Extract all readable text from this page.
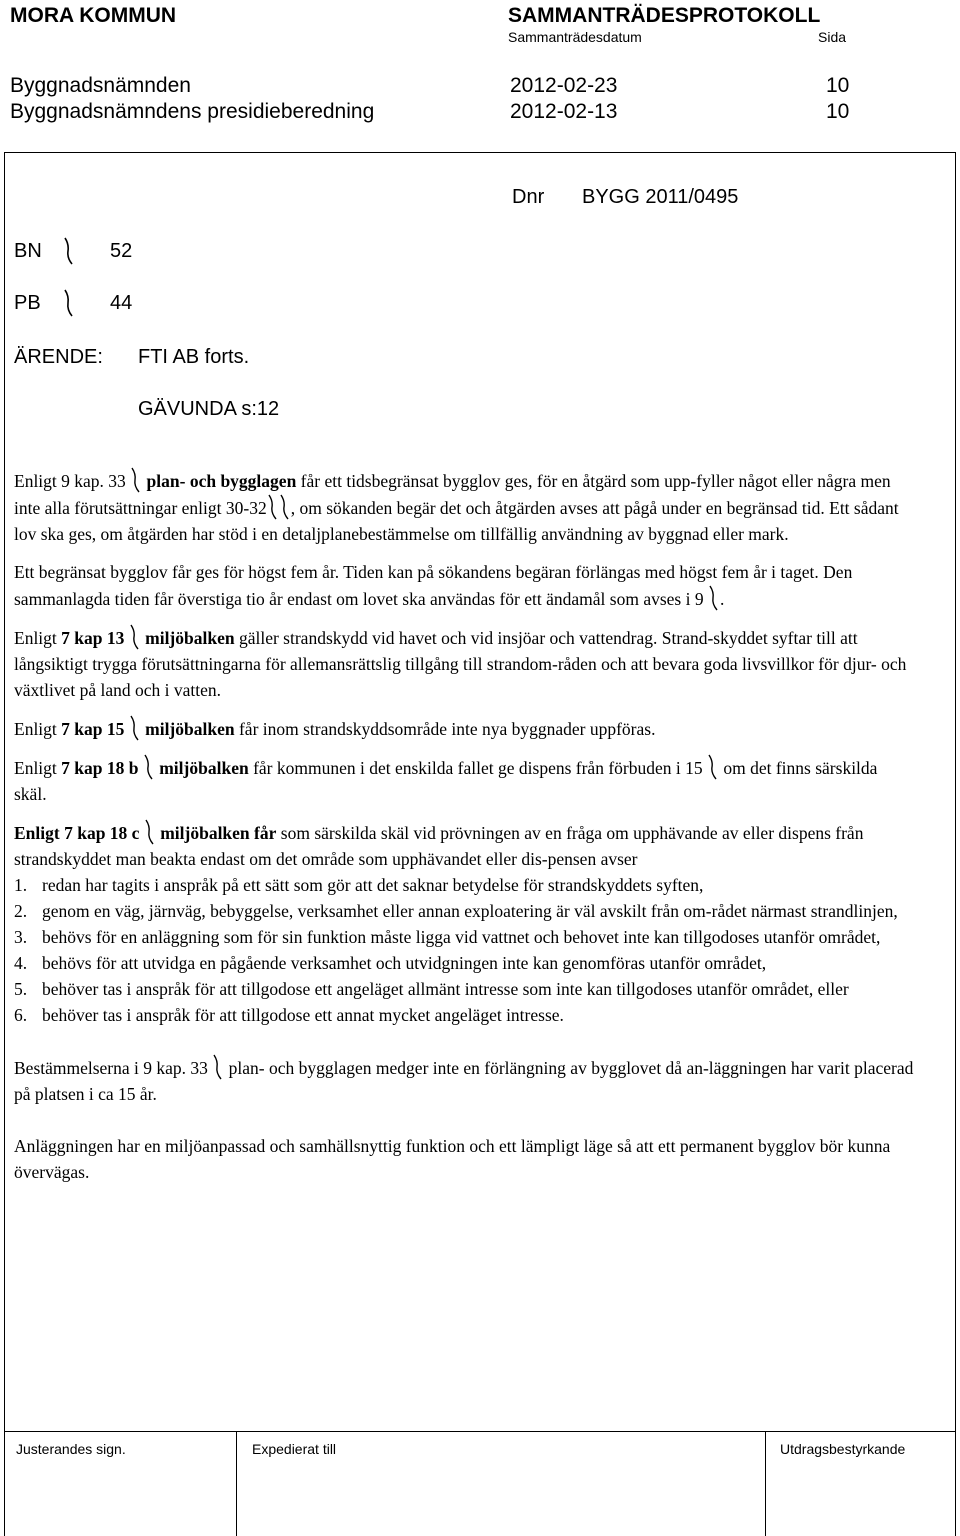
MORA KOMMUN	SAMMANTRÄDESPROTOKOLL
Sammanträdesdatum	Sida
Byggnadsnämnden	2012-02-23	10
Byggnadsnämndens presidieberedning	2012-02-13	10
Dnr BYGG 2011/0495
BN	52
PB	44
ÄRENDE: FTI AB forts.
GÄVUNDA s:12

Enligt 9 kap. 33 plan- och bygglagen får ett tidsbegränsat bygglov ges, för en åtgärd som upp-fyller något eller några men inte alla förutsättningar enligt 30-32 , om sökanden begär det och åtgärden avses att pågå under en begränsad tid. Ett sådant lov ska ges, om åtgärden har stöd i en detaljplanebestämmelse om tillfällig användning av byggnad eller mark.

Ett begränsat bygglov får ges för högst fem år. Tiden kan på sökandens begäran förlängas med högst fem år i taget. Den sammanlagda tiden får överstiga tio år endast om lovet ska användas för ett ändamål som avses i 9 .

Enligt 7 kap 13 miljöbalken gäller strandskydd vid havet och vid insjöar och vattendrag. Strand-skyddet syftar till att långsiktigt trygga förutsättningarna för allemansrättslig tillgång till strandom-råden och att bevara goda livsvillkor för djur- och växtlivet på land och i vatten.

Enligt 7 kap 15 miljöbalken får inom strandskyddsområde inte nya byggnader uppföras.

Enligt 7 kap 18 b miljöbalken får kommunen i det enskilda fallet ge dispens från förbuden i 15 om det finns särskilda skäl.

Enligt 7 kap 18 c miljöbalken får som särskilda skäl vid prövningen av en fråga om upphävande av eller dispens från strandskyddet man beakta endast om det område som upphävandet eller dis-pensen avser

1. redan har tagits i anspråk på ett sätt som gör att det saknar betydelse för strandskyddets syften,
2. genom en väg, järnväg, bebyggelse, verksamhet eller annan exploatering är väl avskilt från om-rådet närmast strandlinjen,
3. behövs för en anläggning som för sin funktion måste ligga vid vattnet och behovet inte kan tillgodoses utanför området,
4. behövs för att utvidga en pågående verksamhet och utvidgningen inte kan genomföras utanför området,
5. behöver tas i anspråk för att tillgodose ett angeläget allmänt intresse som inte kan tillgodoses utanför området, eller
6. behöver tas i anspråk för att tillgodose ett annat mycket angeläget intresse.

Bestämmelserna i 9 kap. 33 plan- och bygglagen medger inte en förlängning av bygglovet då an-läggningen har varit placerad på platsen i ca 15 år.

Anläggningen har en miljöanpassad och samhällsnyttig funktion och ett lämpligt läge så att ett permanent bygglov bör kunna övervägas.

Justerandes sign.	Expedierat till	Utdragsbestyrkande
